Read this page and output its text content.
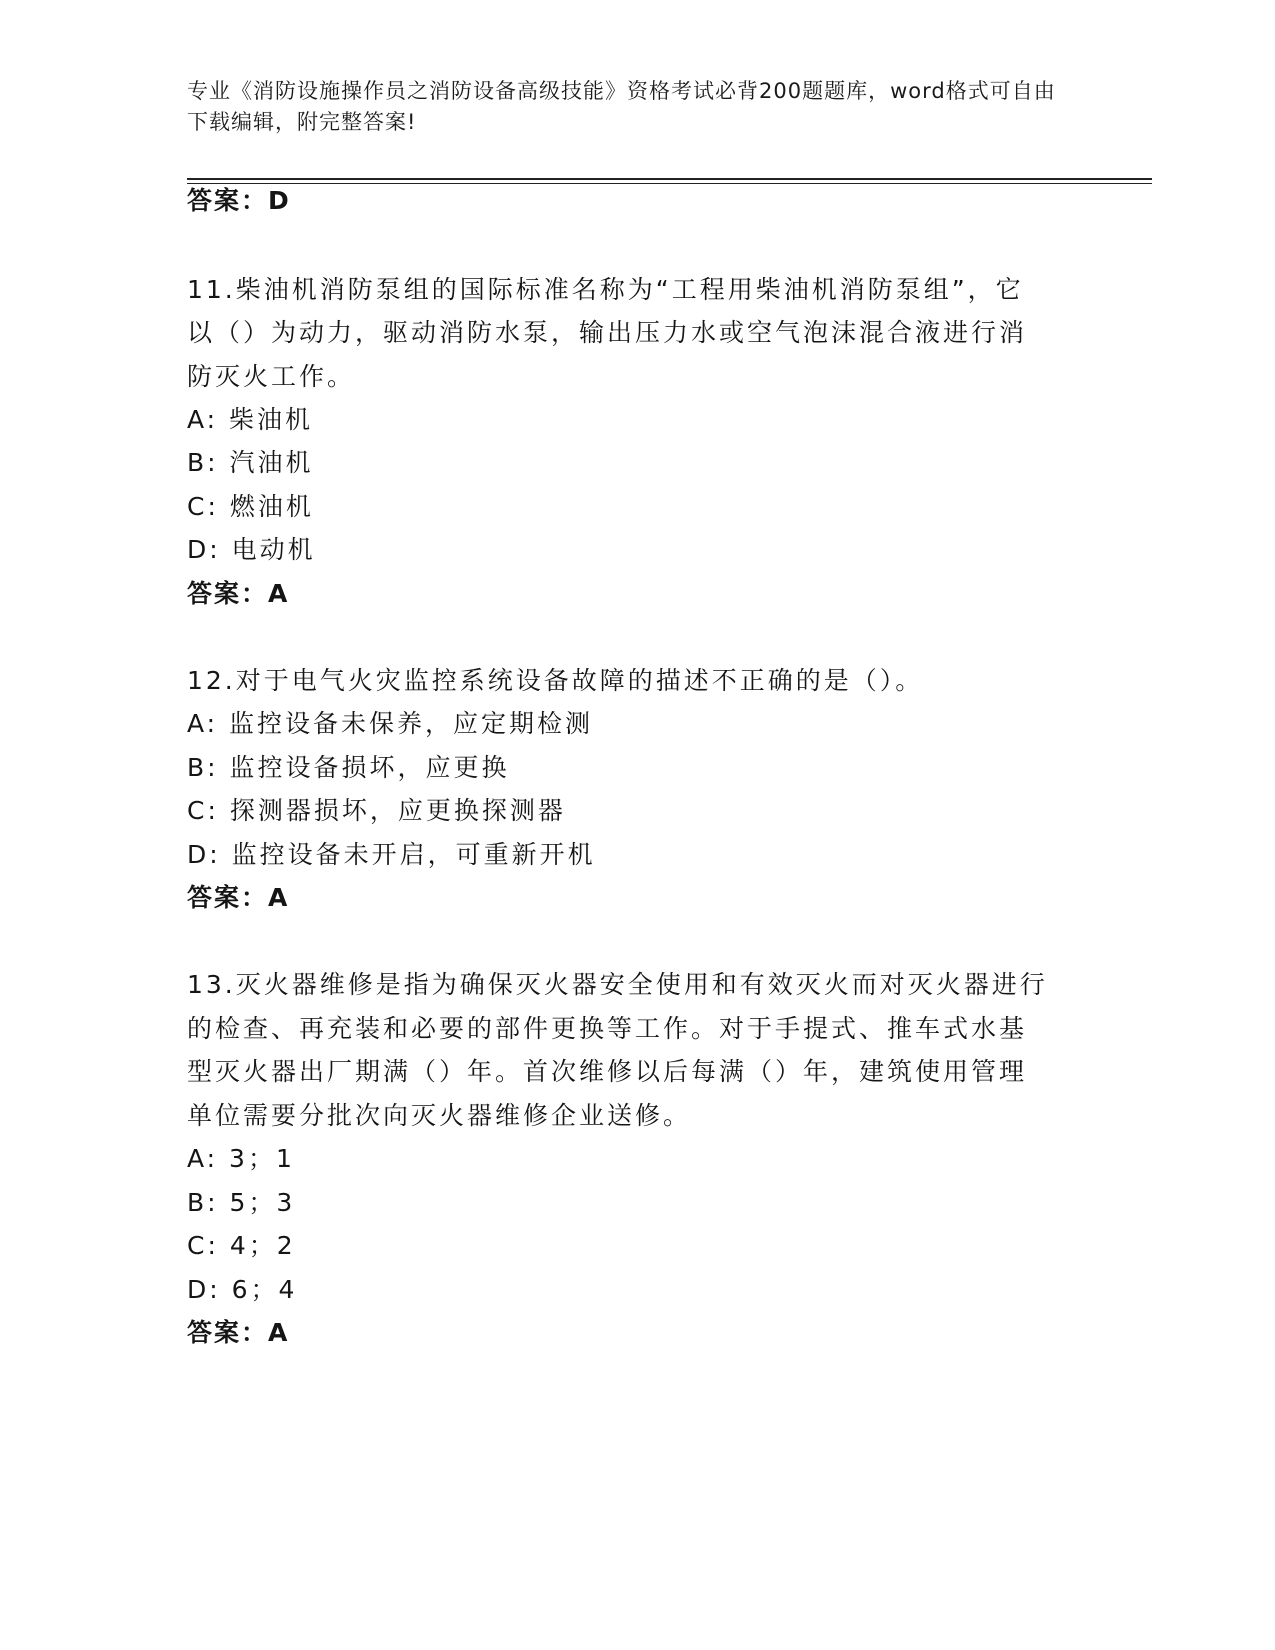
专业《消防设施操作员之消防设备高级技能》资格考试必背200题题库，word格式可自由下载编辑，附完整答案!
答案：D
11.柴油机消防泵组的国际标准名称为“工程用柴油机消防泵组”，它
以（）为动力，驱动消防水泵，输出压力水或空气泡沫混合液进行消
防灭火工作。
A: 柴油机
B: 汽油机
C: 燃油机
D: 电动机
答案：A
12.对于电气火灾监控系统设备故障的描述不正确的是（）。
A: 监控设备未保养，应定期检测
B: 监控设备损坏，应更换
C: 探测器损坏，应更换探测器
D: 监控设备未开启，可重新开机
答案：A
13.灭火器维修是指为确保灭火器安全使用和有效灭火而对灭火器进行
的检查、再充装和必要的部件更换等工作。对于手提式、推车式水基
型灭火器出厂期满（）年。首次维修以后每满（）年，建筑使用管理
单位需要分批次向灭火器维修企业送修。
A: 3；1
B: 5；3
C: 4；2
D: 6；4
答案：A
